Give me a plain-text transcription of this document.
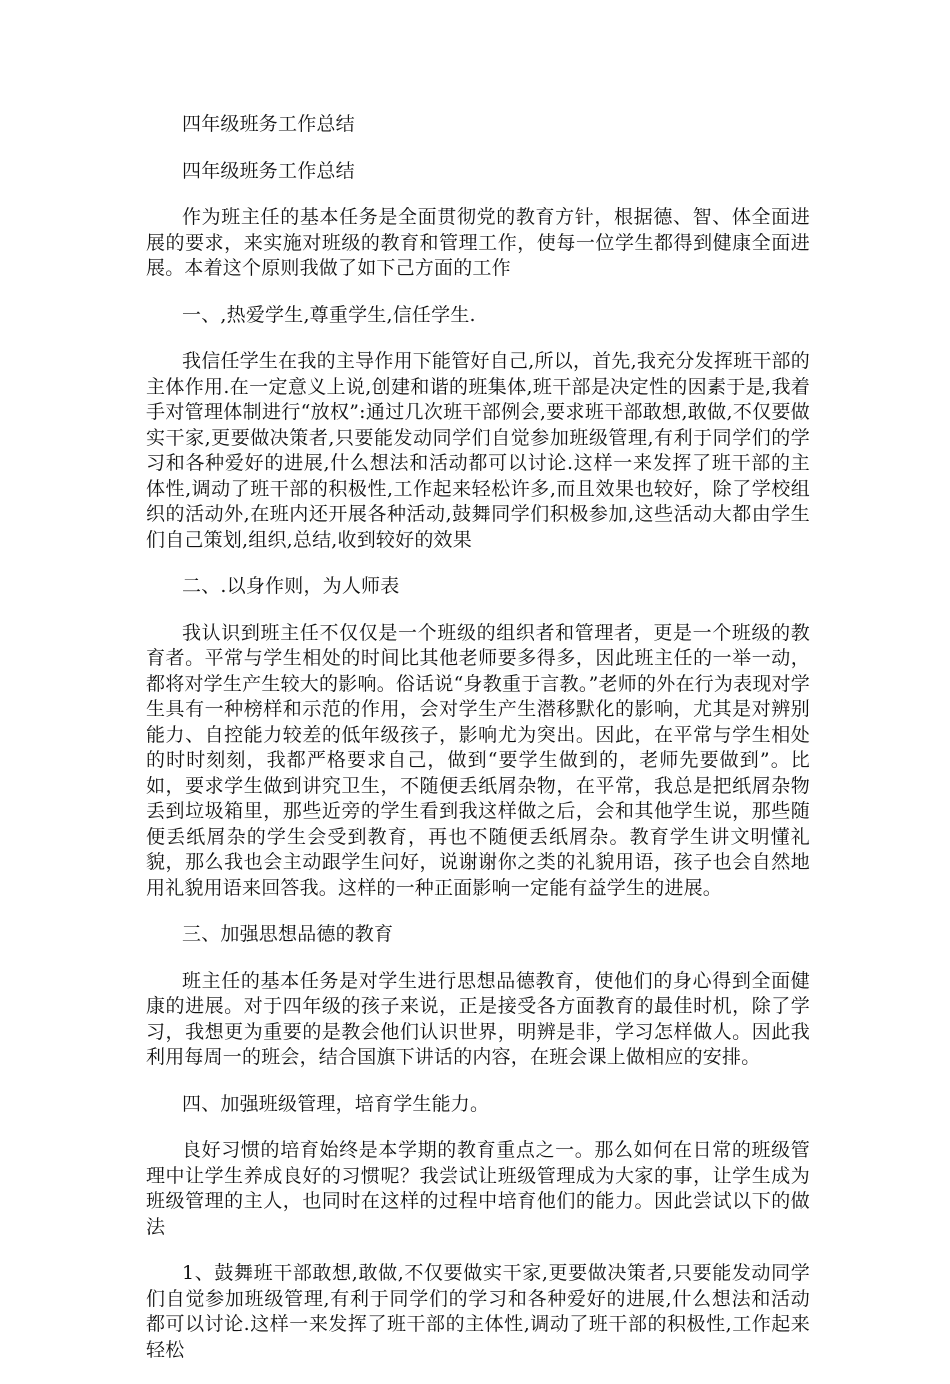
四年级班务工作总结

四年级班务工作总结

作为班主任的基本任务是全面贯彻党的教育方针，根据德、智、体全面进展的要求，来实施对班级的教育和管理工作，使每一位学生都得到健康全面进展。本着这个原则我做了如下己方面的工作

一、,热爱学生,尊重学生,信任学生.

我信任学生在我的主导作用下能管好自己,所以，首先,我充分发挥班干部的主体作用.在一定意义上说,创建和谐的班集体,班干部是决定性的因素于是,我着手对管理体制进行“放权”:通过几次班干部例会,要求班干部敢想,敢做,不仅要做实干家,更要做决策者,只要能发动同学们自觉参加班级管理,有利于同学们的学习和各种爱好的进展,什么想法和活动都可以讨论.这样一来发挥了班干部的主体性,调动了班干部的积极性,工作起来轻松许多,而且效果也较好，除了学校组织的活动外,在班内还开展各种活动,鼓舞同学们积极参加,这些活动大都由学生们自己策划,组织,总结,收到较好的效果

二、.以身作则，为人师表

我认识到班主任不仅仅是一个班级的组织者和管理者，更是一个班级的教育者。平常与学生相处的时间比其他老师要多得多，因此班主任的一举一动，都将对学生产生较大的影响。俗话说“身教重于言教。”老师的外在行为表现对学生具有一种榜样和示范的作用，会对学生产生潜移默化的影响，尤其是对辨别能力、自控能力较差的低年级孩子，影响尤为突出。因此，在平常与学生相处的时时刻刻，我都严格要求自己，做到“要学生做到的，老师先要做到”。比如，要求学生做到讲究卫生，不随便丢纸屑杂物，在平常，我总是把纸屑杂物丢到垃圾箱里，那些近旁的学生看到我这样做之后，会和其他学生说，那些随便丢纸屑杂的学生会受到教育，再也不随便丢纸屑杂。教育学生讲文明懂礼貌，那么我也会主动跟学生问好，说谢谢你之类的礼貌用语，孩子也会自然地用礼貌用语来回答我。这样的一种正面影响一定能有益学生的进展。

三、加强思想品德的教育

班主任的基本任务是对学生进行思想品德教育，使他们的身心得到全面健康的进展。对于四年级的孩子来说，正是接受各方面教育的最佳时机，除了学习，我想更为重要的是教会他们认识世界，明辨是非，学习怎样做人。因此我利用每周一的班会，结合国旗下讲话的内容，在班会课上做相应的安排。

四、加强班级管理，培育学生能力。

良好习惯的培育始终是本学期的教育重点之一。那么如何在日常的班级管理中让学生养成良好的习惯呢？我尝试让班级管理成为大家的事，让学生成为班级管理的主人，也同时在这样的过程中培育他们的能力。因此尝试以下的做法

1、鼓舞班干部敢想,敢做,不仅要做实干家,更要做决策者,只要能发动同学们自觉参加班级管理,有利于同学们的学习和各种爱好的进展,什么想法和活动都可以讨论.这样一来发挥了班干部的主体性,调动了班干部的积极性,工作起来轻松
